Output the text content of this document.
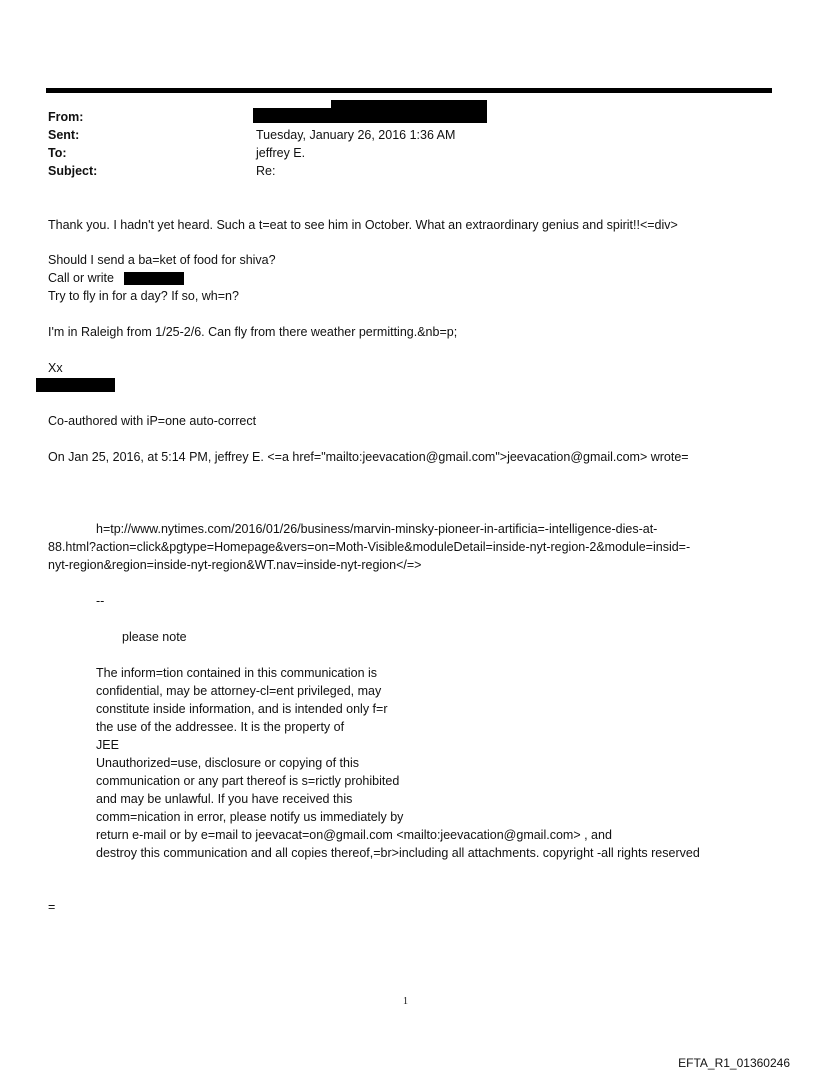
From:
Sent:
To:
Subject:
Tuesday, January 26, 2016 1:36 AM
jeffrey E.
Re:
Thank you. I hadn't yet heard. Such a t=eat to see him in October. What an extraordinary genius and spirit!!<=div>
Should I send a ba=ket of food for shiva?
Call or write
Try to fly in for a day? If so, wh=n?
I'm in Raleigh from 1/25-2/6. Can fly from there weather permitting.&nb=p;
Xx
Co-authored with iP=one auto-correct
On Jan 25, 2016, at 5:14 PM, jeffrey E. <=a href="mailto:jeevacation@gmail.com">jeevacation@gmail.com> wrote=
h=tp://www.nytimes.com/2016/01/26/business/marvin-minsky-pioneer-in-artificia=-intelligence-dies-at-
88.html?action=click&pgtype=Homepage&vers=on=Moth-Visible&moduleDetail=inside-nyt-region-2&module=insid=-
nyt-region&region=inside-nyt-region&WT.nav=inside-nyt-region</=>
--
please note
The inform=tion contained in this communication is
confidential, may be attorney-cl=ent privileged, may
constitute inside information, and is intended only f=r
the use of the addressee. It is the property of
JEE
Unauthorized=use, disclosure or copying of this
communication or any part thereof is s=rictly prohibited
and may be unlawful. If you have received this
comm=nication in error, please notify us immediately by
return e-mail or by e=mail to jeevacat=on@gmail.com <mailto:jeevacation@gmail.com> , and
destroy this communication and all copies thereof,=br>including all attachments. copyright -all rights reserved
=
1
EFTA_R1_01360246
